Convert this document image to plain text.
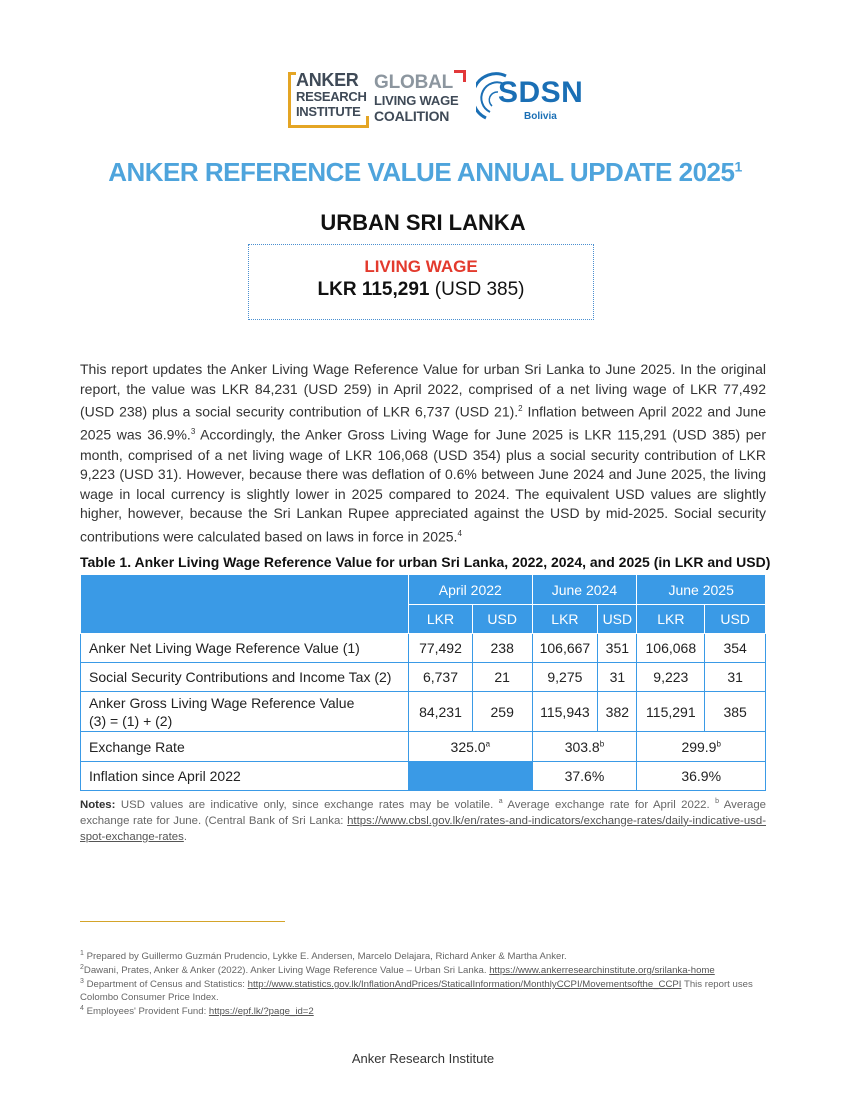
ANKER
RESEARCH
INSTITUTE
GLOBAL
LIVING WAGE
COALITION
SDSN
Bolivia
ANKER REFERENCE VALUE ANNUAL UPDATE 2025$^1$
URBAN SRI LANKA
LIVING WAGE
LKR 115,291 (USD 385)
This report updates the Anker Living Wage Reference Value for urban Sri Lanka to June 2025. In the original report, the value was LKR 84,231 (USD 259) in April 2022, comprised of a net living wage of LKR 77,492 (USD 238) plus a social security contribution of LKR 6,737 (USD 21).$^2$ Inflation between April 2022 and June 2025 was 36.9%.$^3$ Accordingly, the Anker Gross Living Wage for June 2025 is LKR 115,291 (USD 385) per month, comprised of a net living wage of LKR 106,068 (USD 354) plus a social security contribution of LKR 9,223 (USD 31). However, because there was deflation of 0.6% between June 2024 and June 2025, the living wage in local currency is slightly lower in 2025 compared to 2024. The equivalent USD values are slightly higher, however, because the Sri Lankan Rupee appreciated against the USD by mid-2025. Social security contributions were calculated based on laws in force in 2025.$^4$
Table 1. Anker Living Wage Reference Value for urban Sri Lanka, 2022, 2024, and 2025 (in LKR and USD)
	April 2022		June 2024		June 2025	
	LKR	USD	LKR	USD	LKR	USD
Anker Net Living Wage Reference Value (1)	77,492	238	106,667	351	106,068	354
Social Security Contributions and Income Tax (2)	6,737	21	9,275	31	9,223	31
Anker Gross Living Wage Reference Value
(3) = (1) + (2)	84,231	259	115,943	382	115,291	385
Exchange Rate	325.0$^a$		303.8$^b$		299.9$^b$
Inflation since April 2022			37.6%		36.9%	
Notes: USD values are indicative only, since exchange rates may be volatile. $^a$ Average exchange rate for April 2022. $^b$ Average exchange rate for June. (Central Bank of Sri Lanka: https://www.cbsl.gov.lk/en/rates-and-indicators/exchange-rates/daily-indicative-usd-spot-exchange-rates.
$^1$ Prepared by Guillermo Guzmán Prudencio, Lykke E. Andersen, Marcelo Delajara, Richard Anker & Martha Anker.
$^2$Dawani, Prates, Anker & Anker (2022). Anker Living Wage Reference Value – Urban Sri Lanka. https://www.ankerresearchinstitute.org/srilanka-home
$^3$ Department of Census and Statistics: http://www.statistics.gov.lk/InflationAndPrices/StaticalInformation/MonthlyCCPI/Movementsofthe_CCPI This report uses Colombo Consumer Price Index.
$^4$ Employees' Provident Fund: https://epf.lk/?page_id=2
Anker Research Institute
